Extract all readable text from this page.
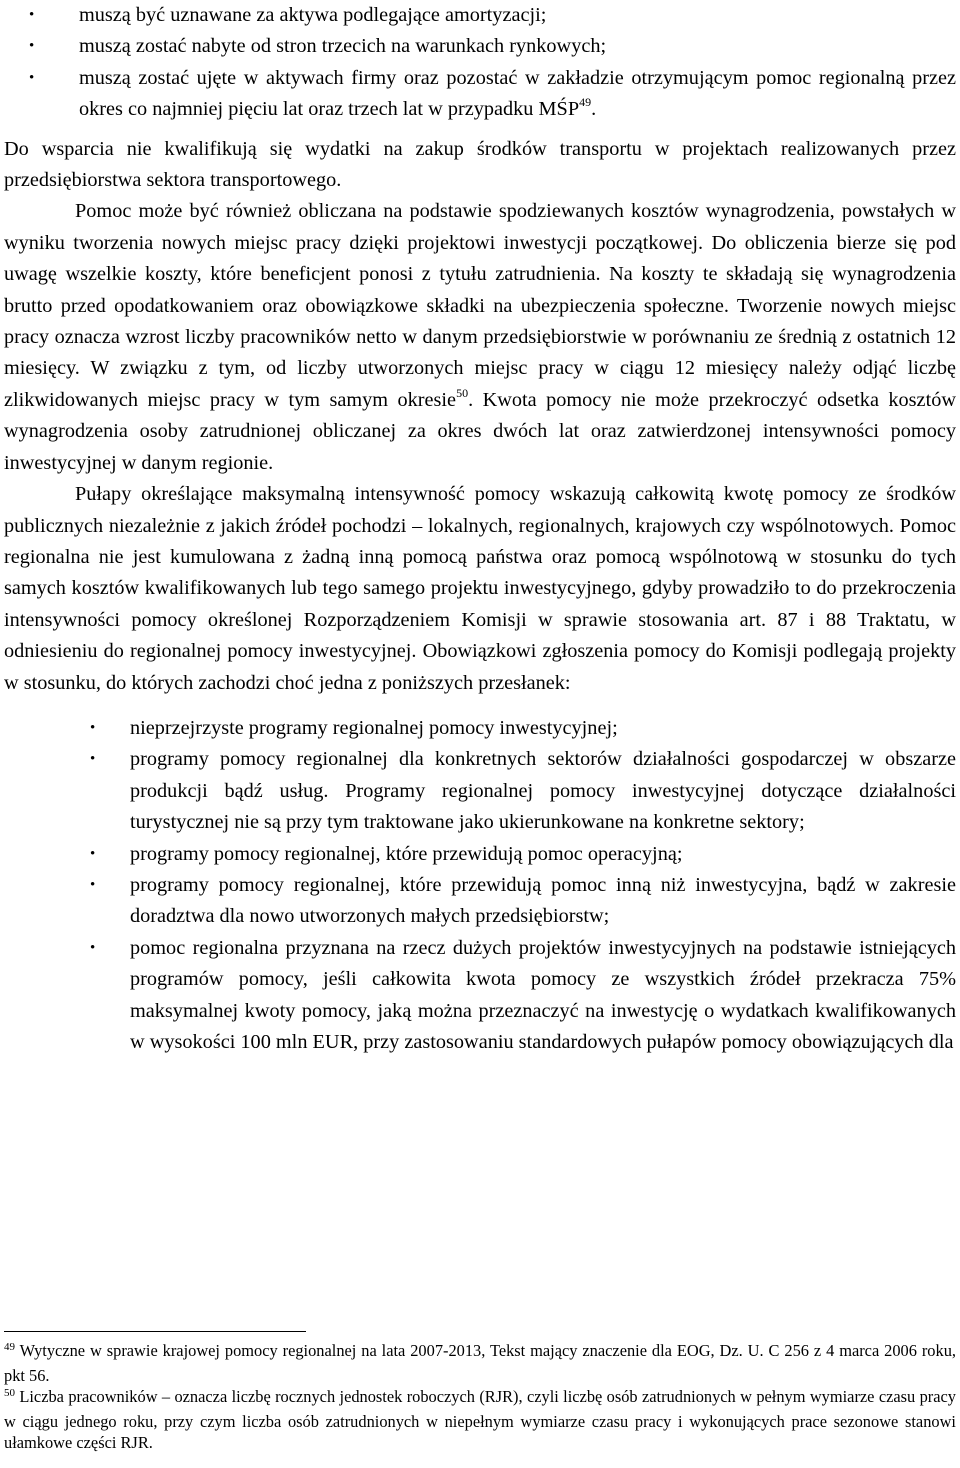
• muszą być uznawane za aktywa podlegające amortyzacji;
• muszą zostać nabyte od stron trzecich na warunkach rynkowych;
• muszą zostać ujęte w aktywach firmy oraz pozostać w zakładzie otrzymującym pomoc regionalną przez okres co najmniej pięciu lat oraz trzech lat w przypadku MŚP$^{49}$.

Do wsparcia nie kwalifikują się wydatki na zakup środków transportu w projektach realizowanych przez przedsiębiorstwa sektora transportowego.

Pomoc może być również obliczana na podstawie spodziewanych kosztów wynagrodzenia, powstałych w wyniku tworzenia nowych miejsc pracy dzięki projektowi inwestycji początkowej. Do obliczenia bierze się pod uwagę wszelkie koszty, które beneficjent ponosi z tytułu zatrudnienia. Na koszty te składają się wynagrodzenia brutto przed opodatkowaniem oraz obowiązkowe składki na ubezpieczenia społeczne. Tworzenie nowych miejsc pracy oznacza wzrost liczby pracowników netto w danym przedsiębiorstwie w porównaniu ze średnią z ostatnich 12 miesięcy. W związku z tym, od liczby utworzonych miejsc pracy w ciągu 12 miesięcy należy odjąć liczbę zlikwidowanych miejsc pracy w tym samym okresie$^{50}$. Kwota pomocy nie może przekroczyć odsetka kosztów wynagrodzenia osoby zatrudnionej obliczanej za okres dwóch lat oraz zatwierdzonej intensywności pomocy inwestycyjnej w danym regionie.

Pułapy określające maksymalną intensywność pomocy wskazują całkowitą kwotę pomocy ze środków publicznych niezależnie z jakich źródeł pochodzi – lokalnych, regionalnych, krajowych czy wspólnotowych. Pomoc regionalna nie jest kumulowana z żadną inną pomocą państwa oraz pomocą wspólnotową w stosunku do tych samych kosztów kwalifikowanych lub tego samego projektu inwestycyjnego, gdyby prowadziło to do przekroczenia intensywności pomocy określonej Rozporządzeniem Komisji w sprawie stosowania art. 87 i 88 Traktatu, w odniesieniu do regionalnej pomocy inwestycyjnej. Obowiązkowi zgłoszenia pomocy do Komisji podlegają projekty w stosunku, do których zachodzi choć jedna z poniższych przesłanek:

• nieprzejrzyste programy regionalnej pomocy inwestycyjnej;
• programy pomocy regionalnej dla konkretnych sektorów działalności gospodarczej w obszarze produkcji bądź usług. Programy regionalnej pomocy inwestycyjnej dotyczące działalności turystycznej nie są przy tym traktowane jako ukierunkowane na konkretne sektory;
• programy pomocy regionalnej, które przewidują pomoc operacyjną;
• programy pomocy regionalnej, które przewidują pomoc inną niż inwestycyjna, bądź w zakresie doradztwa dla nowo utworzonych małych przedsiębiorstw;
• pomoc regionalna przyznana na rzecz dużych projektów inwestycyjnych na podstawie istniejących programów pomocy, jeśli całkowita kwota pomocy ze wszystkich źródeł przekracza 75% maksymalnej kwoty pomocy, jaką można przeznaczyć na inwestycję o wydatkach kwalifikowanych w wysokości 100 mln EUR, przy zastosowaniu standardowych pułapów pomocy obowiązujących dla

$^{49}$ Wytyczne w sprawie krajowej pomocy regionalnej na lata 2007-2013, Tekst mający znaczenie dla EOG, Dz. U. C 256 z 4 marca 2006 roku, pkt 56.

$^{50}$ Liczba pracowników – oznacza liczbę rocznych jednostek roboczych (RJR), czyli liczbę osób zatrudnionych w pełnym wymiarze czasu pracy w ciągu jednego roku, przy czym liczba osób zatrudnionych w niepełnym wymiarze czasu pracy i wykonujących prace sezonowe stanowi ułamkowe części RJR.
